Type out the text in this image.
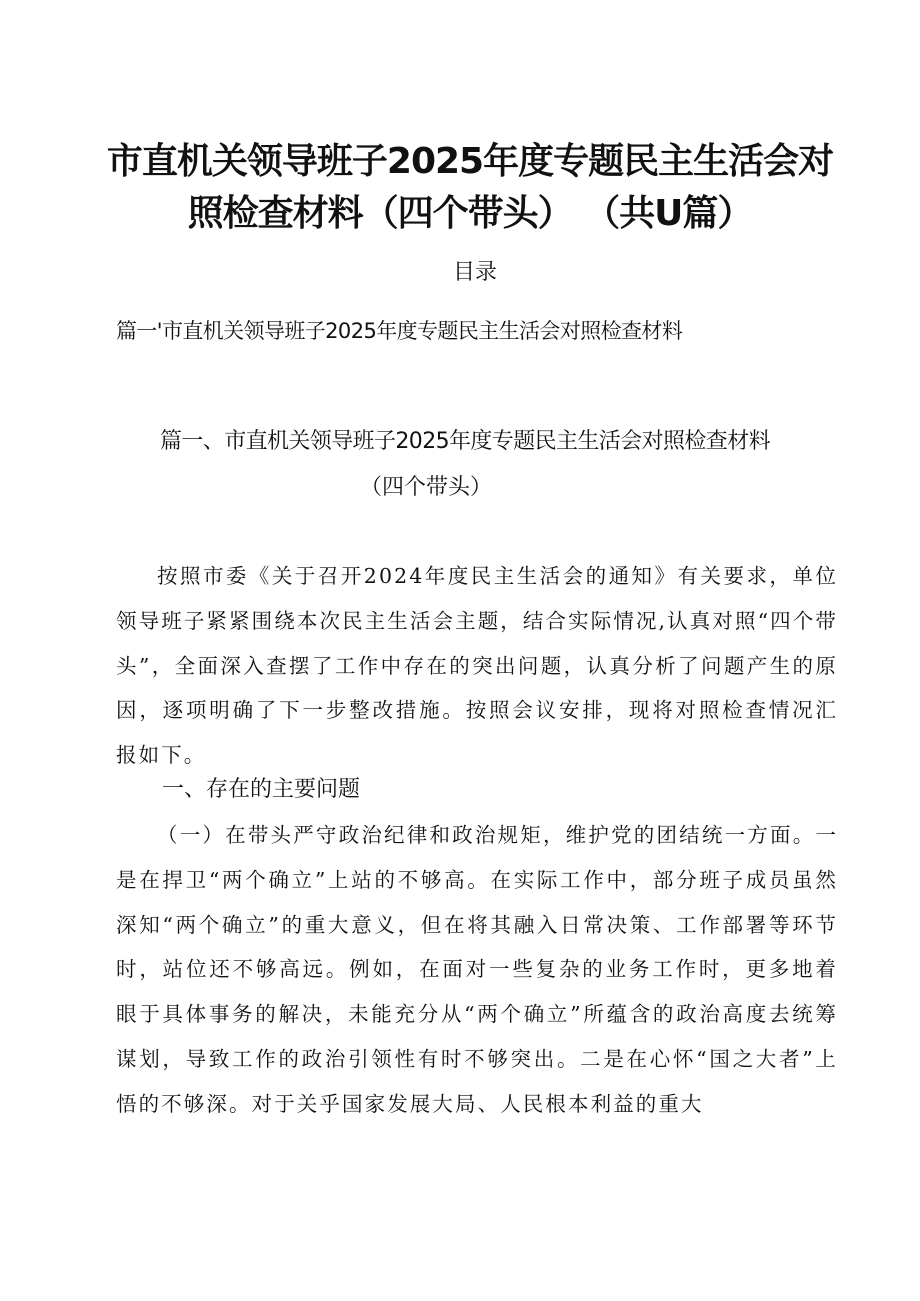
市直机关领导班子2025年度专题民主生活会对照检查材料（四个带头） （共U篇）
目录
篇一'市直机关领导班子2025年度专题民主生活会对照检查材料
篇一、市直机关领导班子2025年度专题民主生活会对照检查材料
（四个带头）

按照市委《关于召开2024年度民主生活会的通知》有关要求，单位领导班子紧紧围绕本次民主生活会主题，结合实际情况,认真对照“四个带头”，全面深入查摆了工作中存在的突出问题，认真分析了问题产生的原因，逐项明确了下一步整改措施。按照会议安排，现将对照检查情况汇报如下。

一、存在的主要问题

（一）在带头严守政治纪律和政治规矩，维护党的团结统一方面。一是在捍卫“两个确立”上站的不够高。在实际工作中，部分班子成员虽然深知“两个确立”的重大意义，但在将其融入日常决策、工作部署等环节时，站位还不够高远。例如，在面对一些复杂的业务工作时，更多地着眼于具体事务的解决，未能充分从“两个确立”所蕴含的政治高度去统筹谋划，导致工作的政治引领性有时不够突出。二是在心怀“国之大者”上悟的不够深。对于关乎国家发展大局、人民根本利益的重大
